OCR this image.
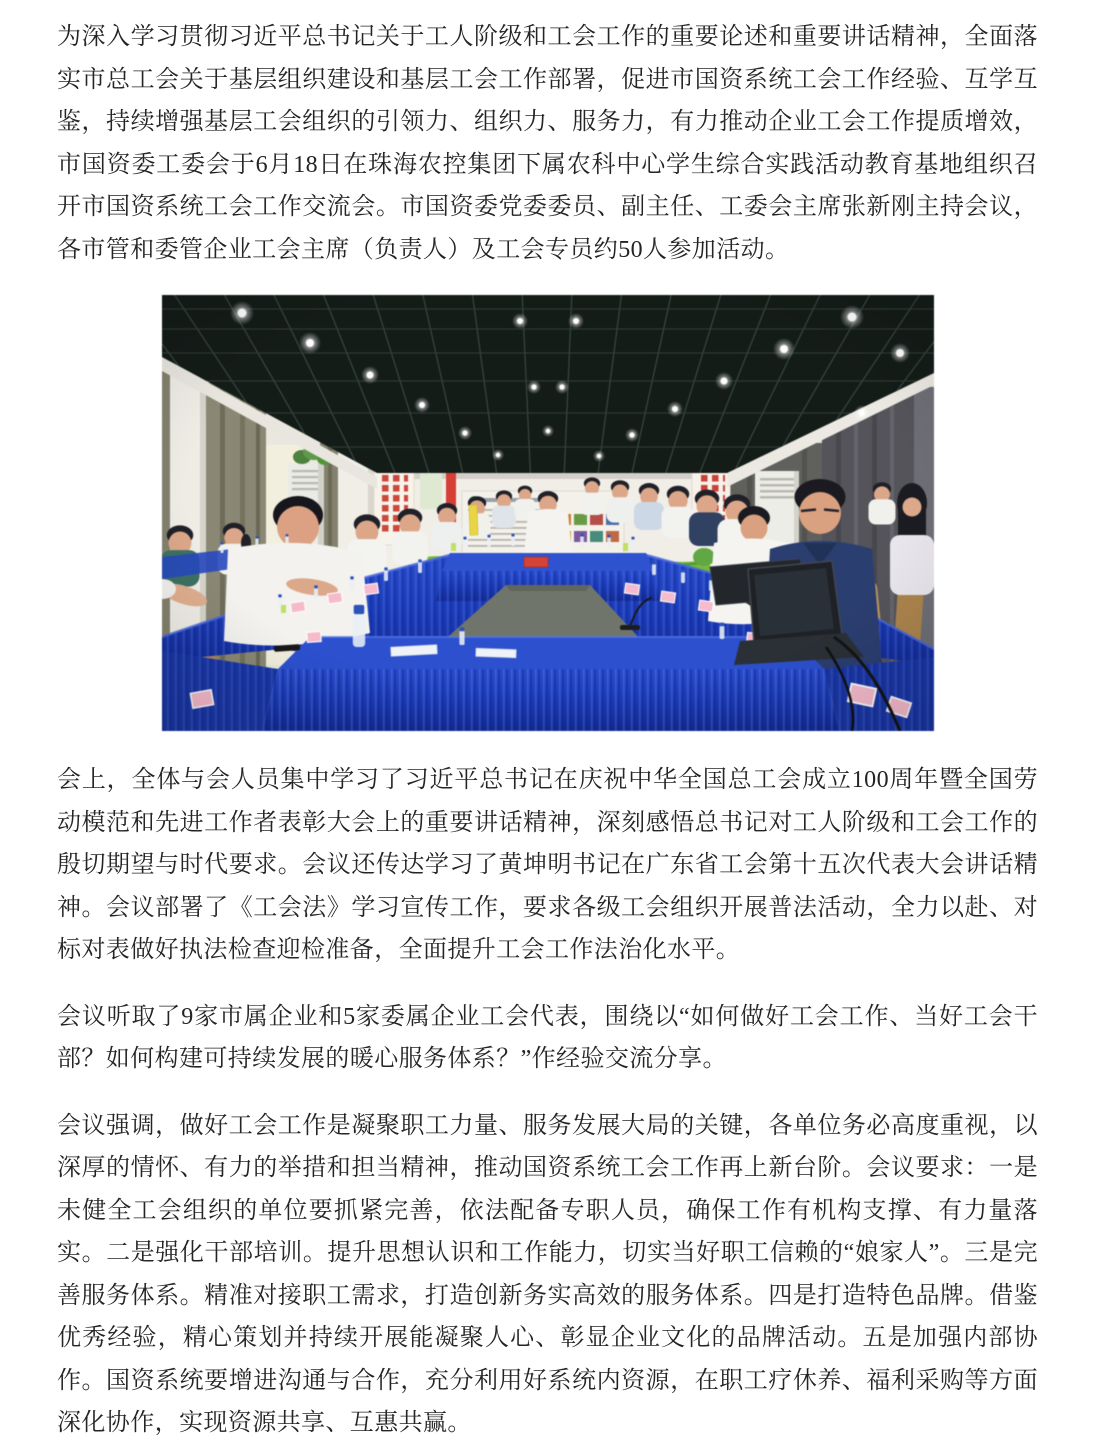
为深入学习贯彻习近平总书记关于工人阶级和工会工作的重要论述和重要讲话精神，全面落实市总工会关于基层组织建设和基层工会工作部署，促进市国资系统工会工作经验、互学互鉴，持续增强基层工会组织的引领力、组织力、服务力，有力推动企业工会工作提质增效，市国资委工委会于6月18日在珠海农控集团下属农科中心学生综合实践活动教育基地组织召开市国资系统工会工作交流会。市国资委党委委员、副主任、工委会主席张新刚主持会议，各市管和委管企业工会主席（负责人）及工会专员约50人参加活动。

会上，全体与会人员集中学习了习近平总书记在庆祝中华全国总工会成立100周年暨全国劳动模范和先进工作者表彰大会上的重要讲话精神，深刻感悟总书记对工人阶级和工会工作的殷切期望与时代要求。会议还传达学习了黄坤明书记在广东省工会第十五次代表大会讲话精神。会议部署了《工会法》学习宣传工作，要求各级工会组织开展普法活动，全力以赴、对标对表做好执法检查迎检准备，全面提升工会工作法治化水平。

会议听取了9家市属企业和5家委属企业工会代表，围绕以“如何做好工会工作、当好工会干部？如何构建可持续发展的暖心服务体系？”作经验交流分享。

会议强调，做好工会工作是凝聚职工力量、服务发展大局的关键，各单位务必高度重视，以深厚的情怀、有力的举措和担当精神，推动国资系统工会工作再上新台阶。会议要求：一是未健全工会组织的单位要抓紧完善，依法配备专职人员，确保工作有机构支撑、有力量落实。二是强化干部培训。提升思想认识和工作能力，切实当好职工信赖的“娘家人”。三是完善服务体系。精准对接职工需求，打造创新务实高效的服务体系。四是打造特色品牌。借鉴优秀经验，精心策划并持续开展能凝聚人心、彰显企业文化的品牌活动。五是加强内部协作。国资系统要增进沟通与合作，充分利用好系统内资源，在职工疗休养、福利采购等方面深化协作，实现资源共享、互惠共赢。
